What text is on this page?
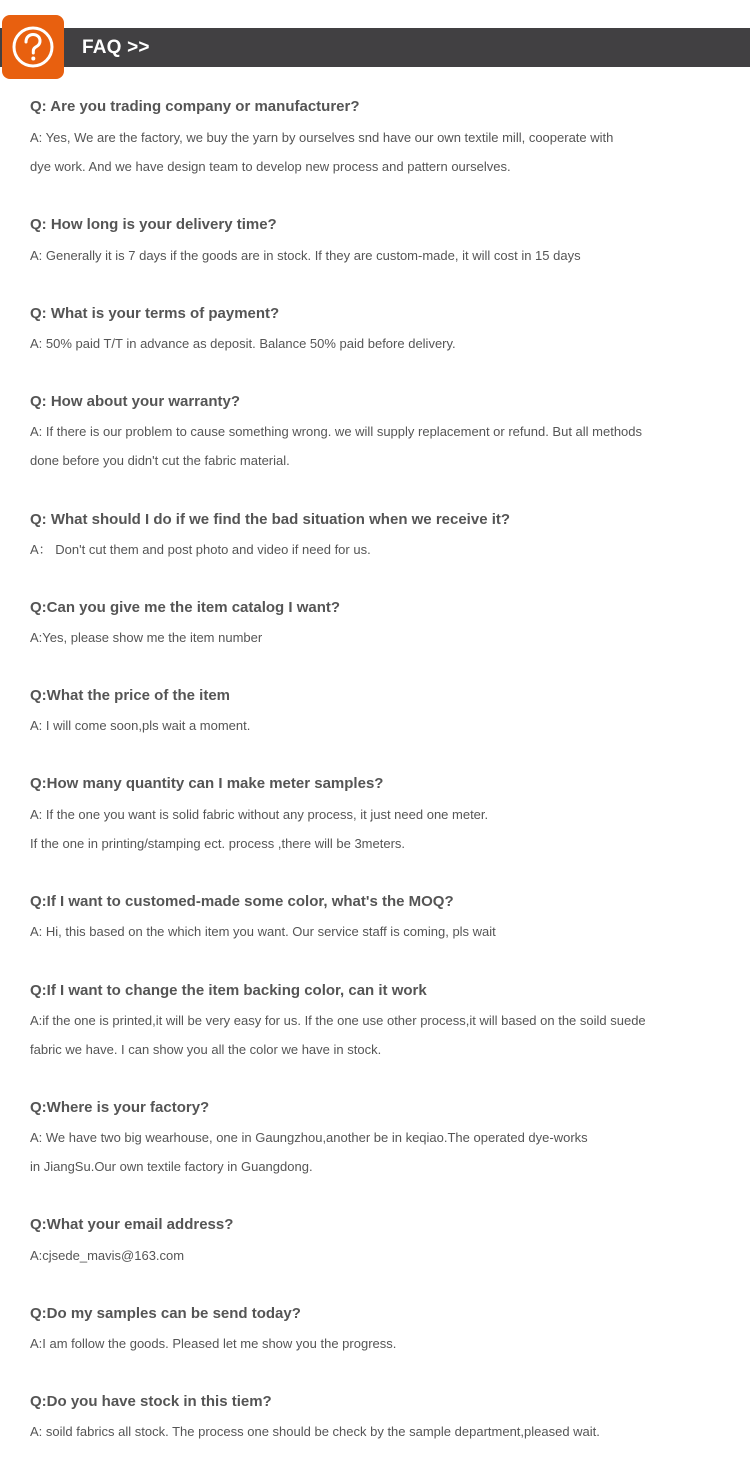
FAQ >>
Q: Are you trading company or manufacturer?
A: Yes, We are the factory, we buy the yarn by ourselves snd have our own textile mill, cooperate with
dye work. And we have design team to develop new process and pattern ourselves.
Q: How long is your delivery time?
A: Generally it is 7 days if the goods are in stock. If they are custom-made, it will cost in 15 days
Q: What is your terms of payment?
A: 50% paid T/T in advance as deposit. Balance 50% paid before delivery.
Q: How about your warranty?
A: If there is our problem to cause something wrong. we will supply replacement or refund. But all methods
done before you didn't cut the fabric material.
Q: What should I do if we find the bad situation when we receive it?
A： Don't cut them and post photo and video if need for us.
Q:Can you give me the item catalog I want?
A:Yes, please show me the item number
Q:What the price of the item
A: I will come soon,pls wait a moment.
Q:How many quantity can I make meter samples?
A: If the one you want is solid fabric without any process, it just need one meter.
If the one in printing/stamping ect. process ,there will be 3meters.
Q:If I want to customed-made some color, what's the MOQ?
A: Hi, this based on the which item you want. Our service staff is coming, pls wait
Q:If I want to change the item backing color, can it work
A:if the one is printed,it will be very easy for us. If the one use other process,it will based on the soild suede
fabric we have. I can show you all the color we have in stock.
Q:Where is your factory?
A: We have two big wearhouse, one in Gaungzhou,another be in keqiao.The operated dye-works
in JiangSu.Our own textile factory in Guangdong.
Q:What your email address?
A:cjsede_mavis@163.com
Q:Do my samples can be send today?
A:I am follow the goods. Pleased let me show you the progress.
Q:Do you have stock in this tiem?
A: soild fabrics all stock. The process one should be check by the sample department,pleased wait.
